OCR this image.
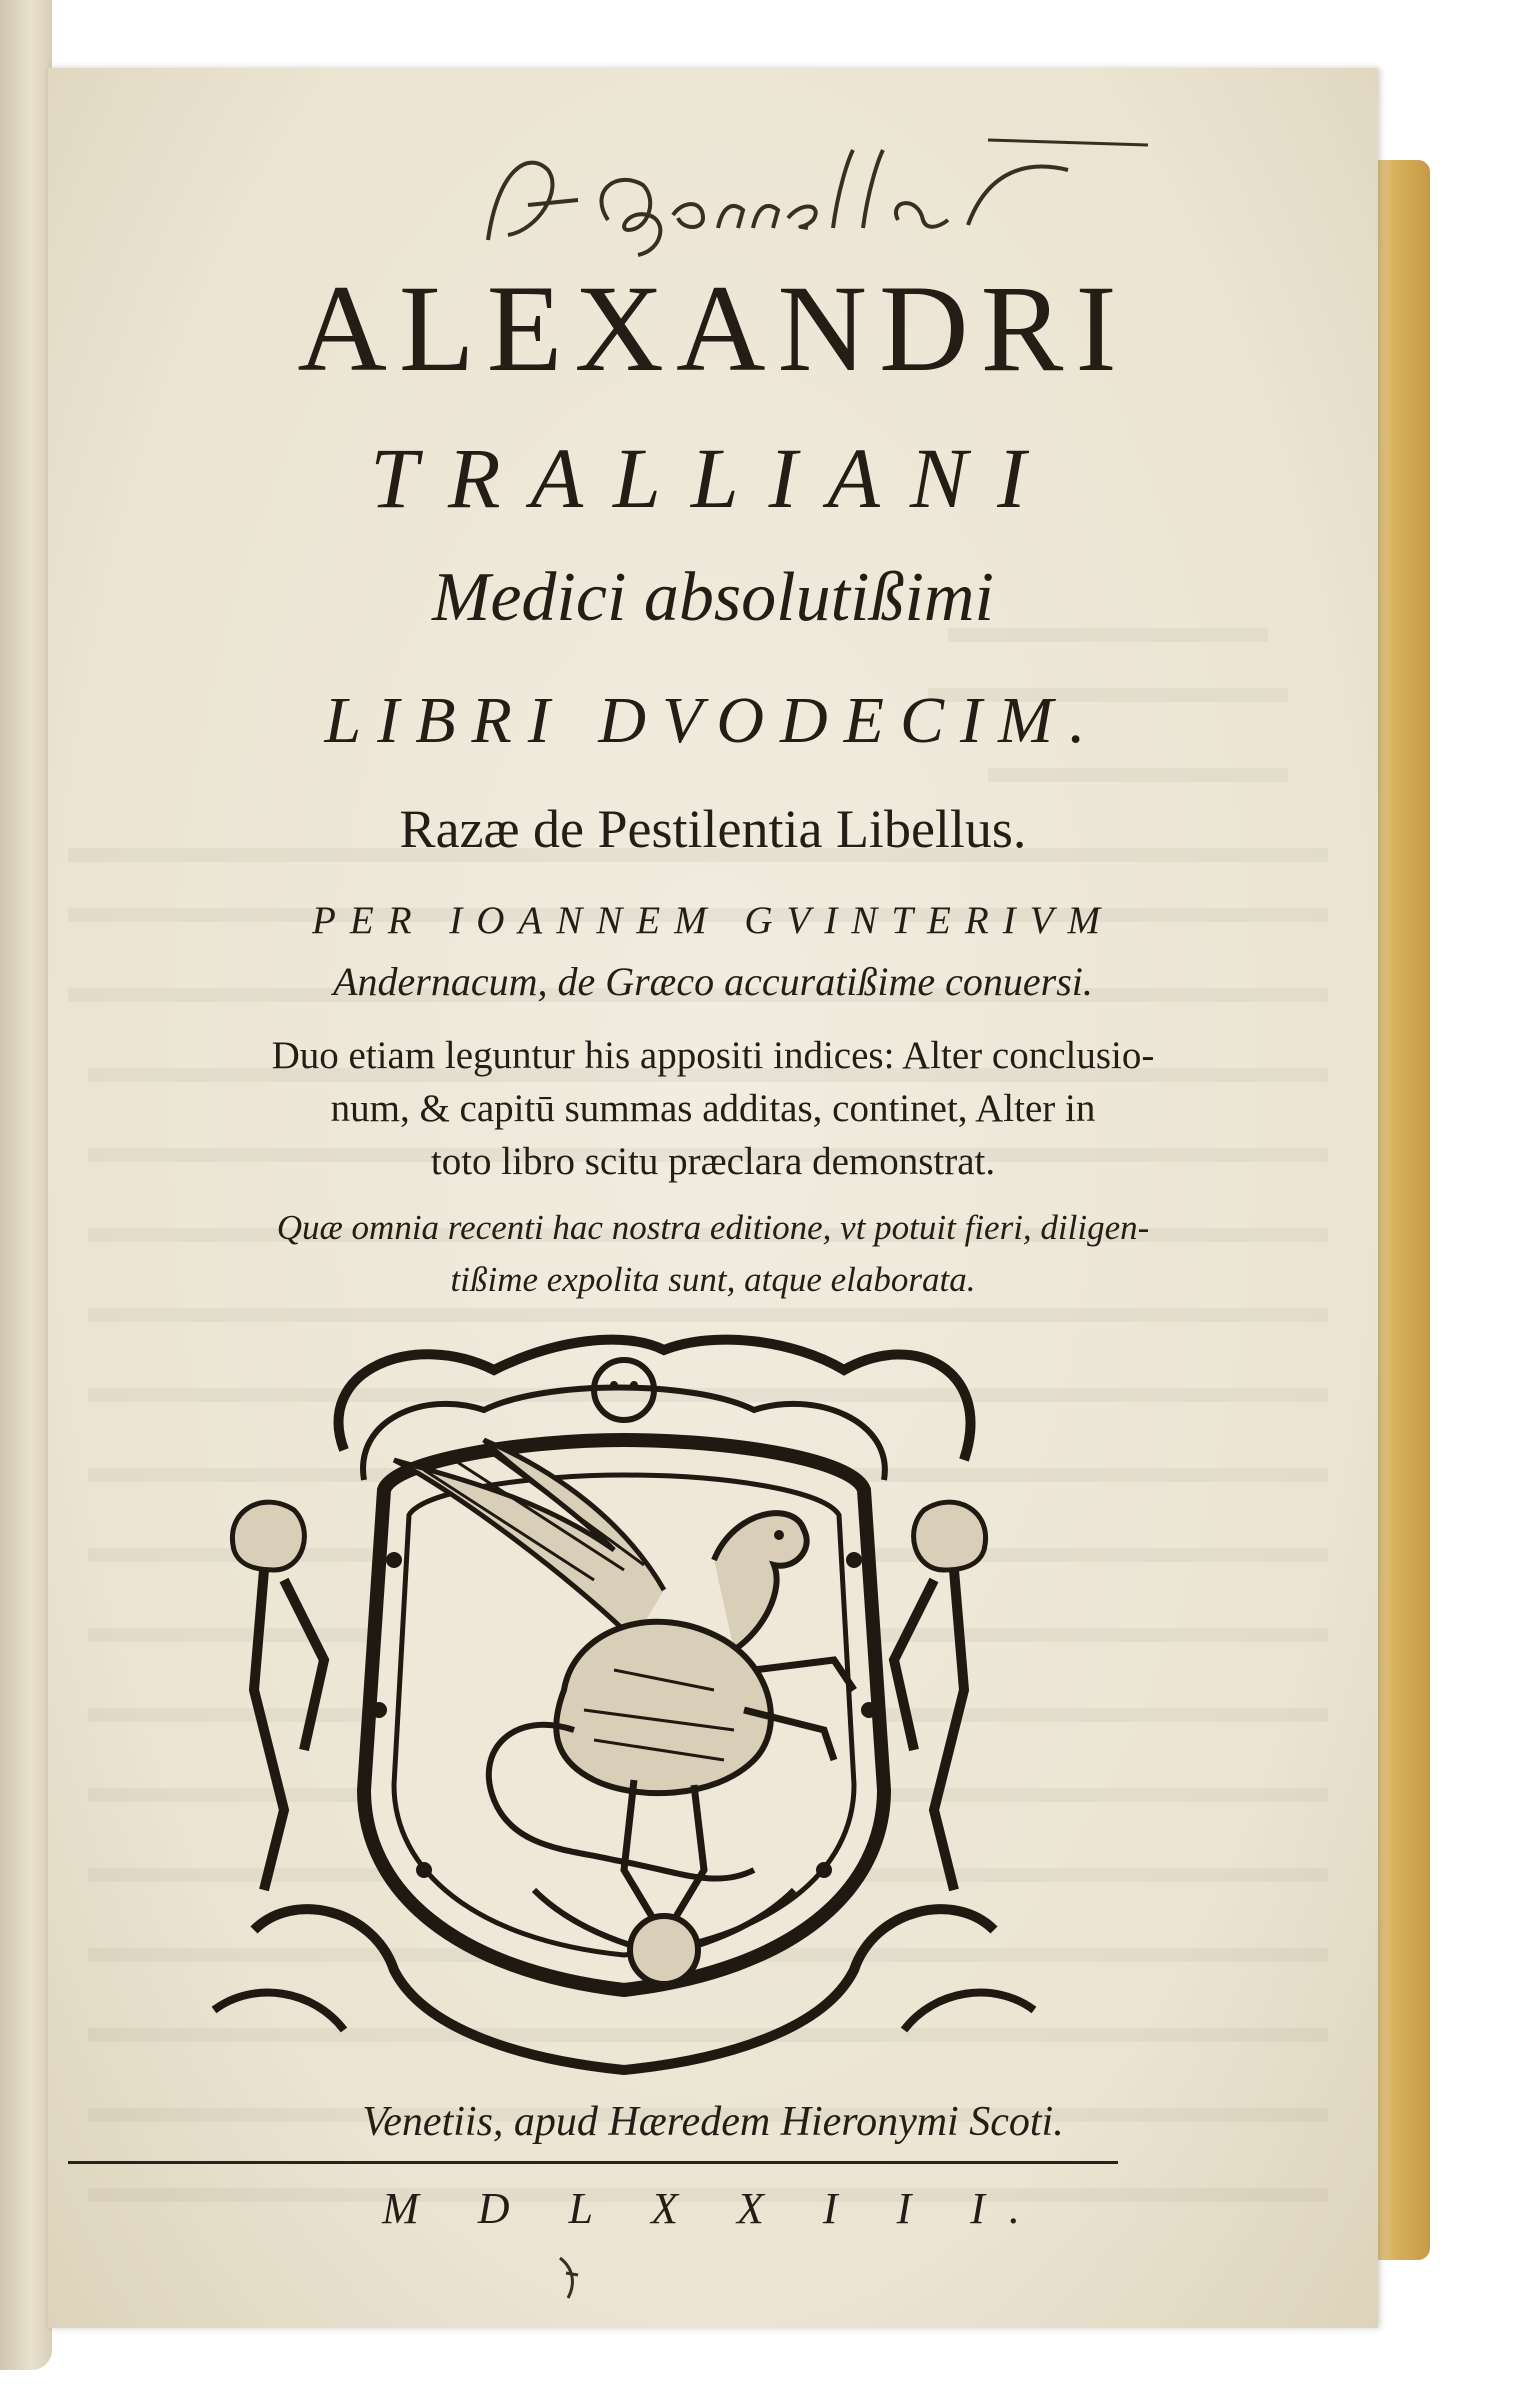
ALEXANDRI
TRALLIANI
Medici absolutißimi
LIBRI DVODECIM.
Razæ de Pestilentia Libellus.
PER IOANNEM GVINTERIVM
Andernacum, de Græco accuratißime conuersi.
Duo etiam leguntur his appositi indices: Alter conclusio-
num, & capitū summas additas, continet, Alter in
toto libro scitu præclara demonstrat.
Quæ omnia recenti hac nostra editione, vt potuit fieri, diligen-
tißime expolita sunt, atque elaborata.
Venetiis, apud Hæredem Hieronymi Scoti.
M D L X X I I I.
